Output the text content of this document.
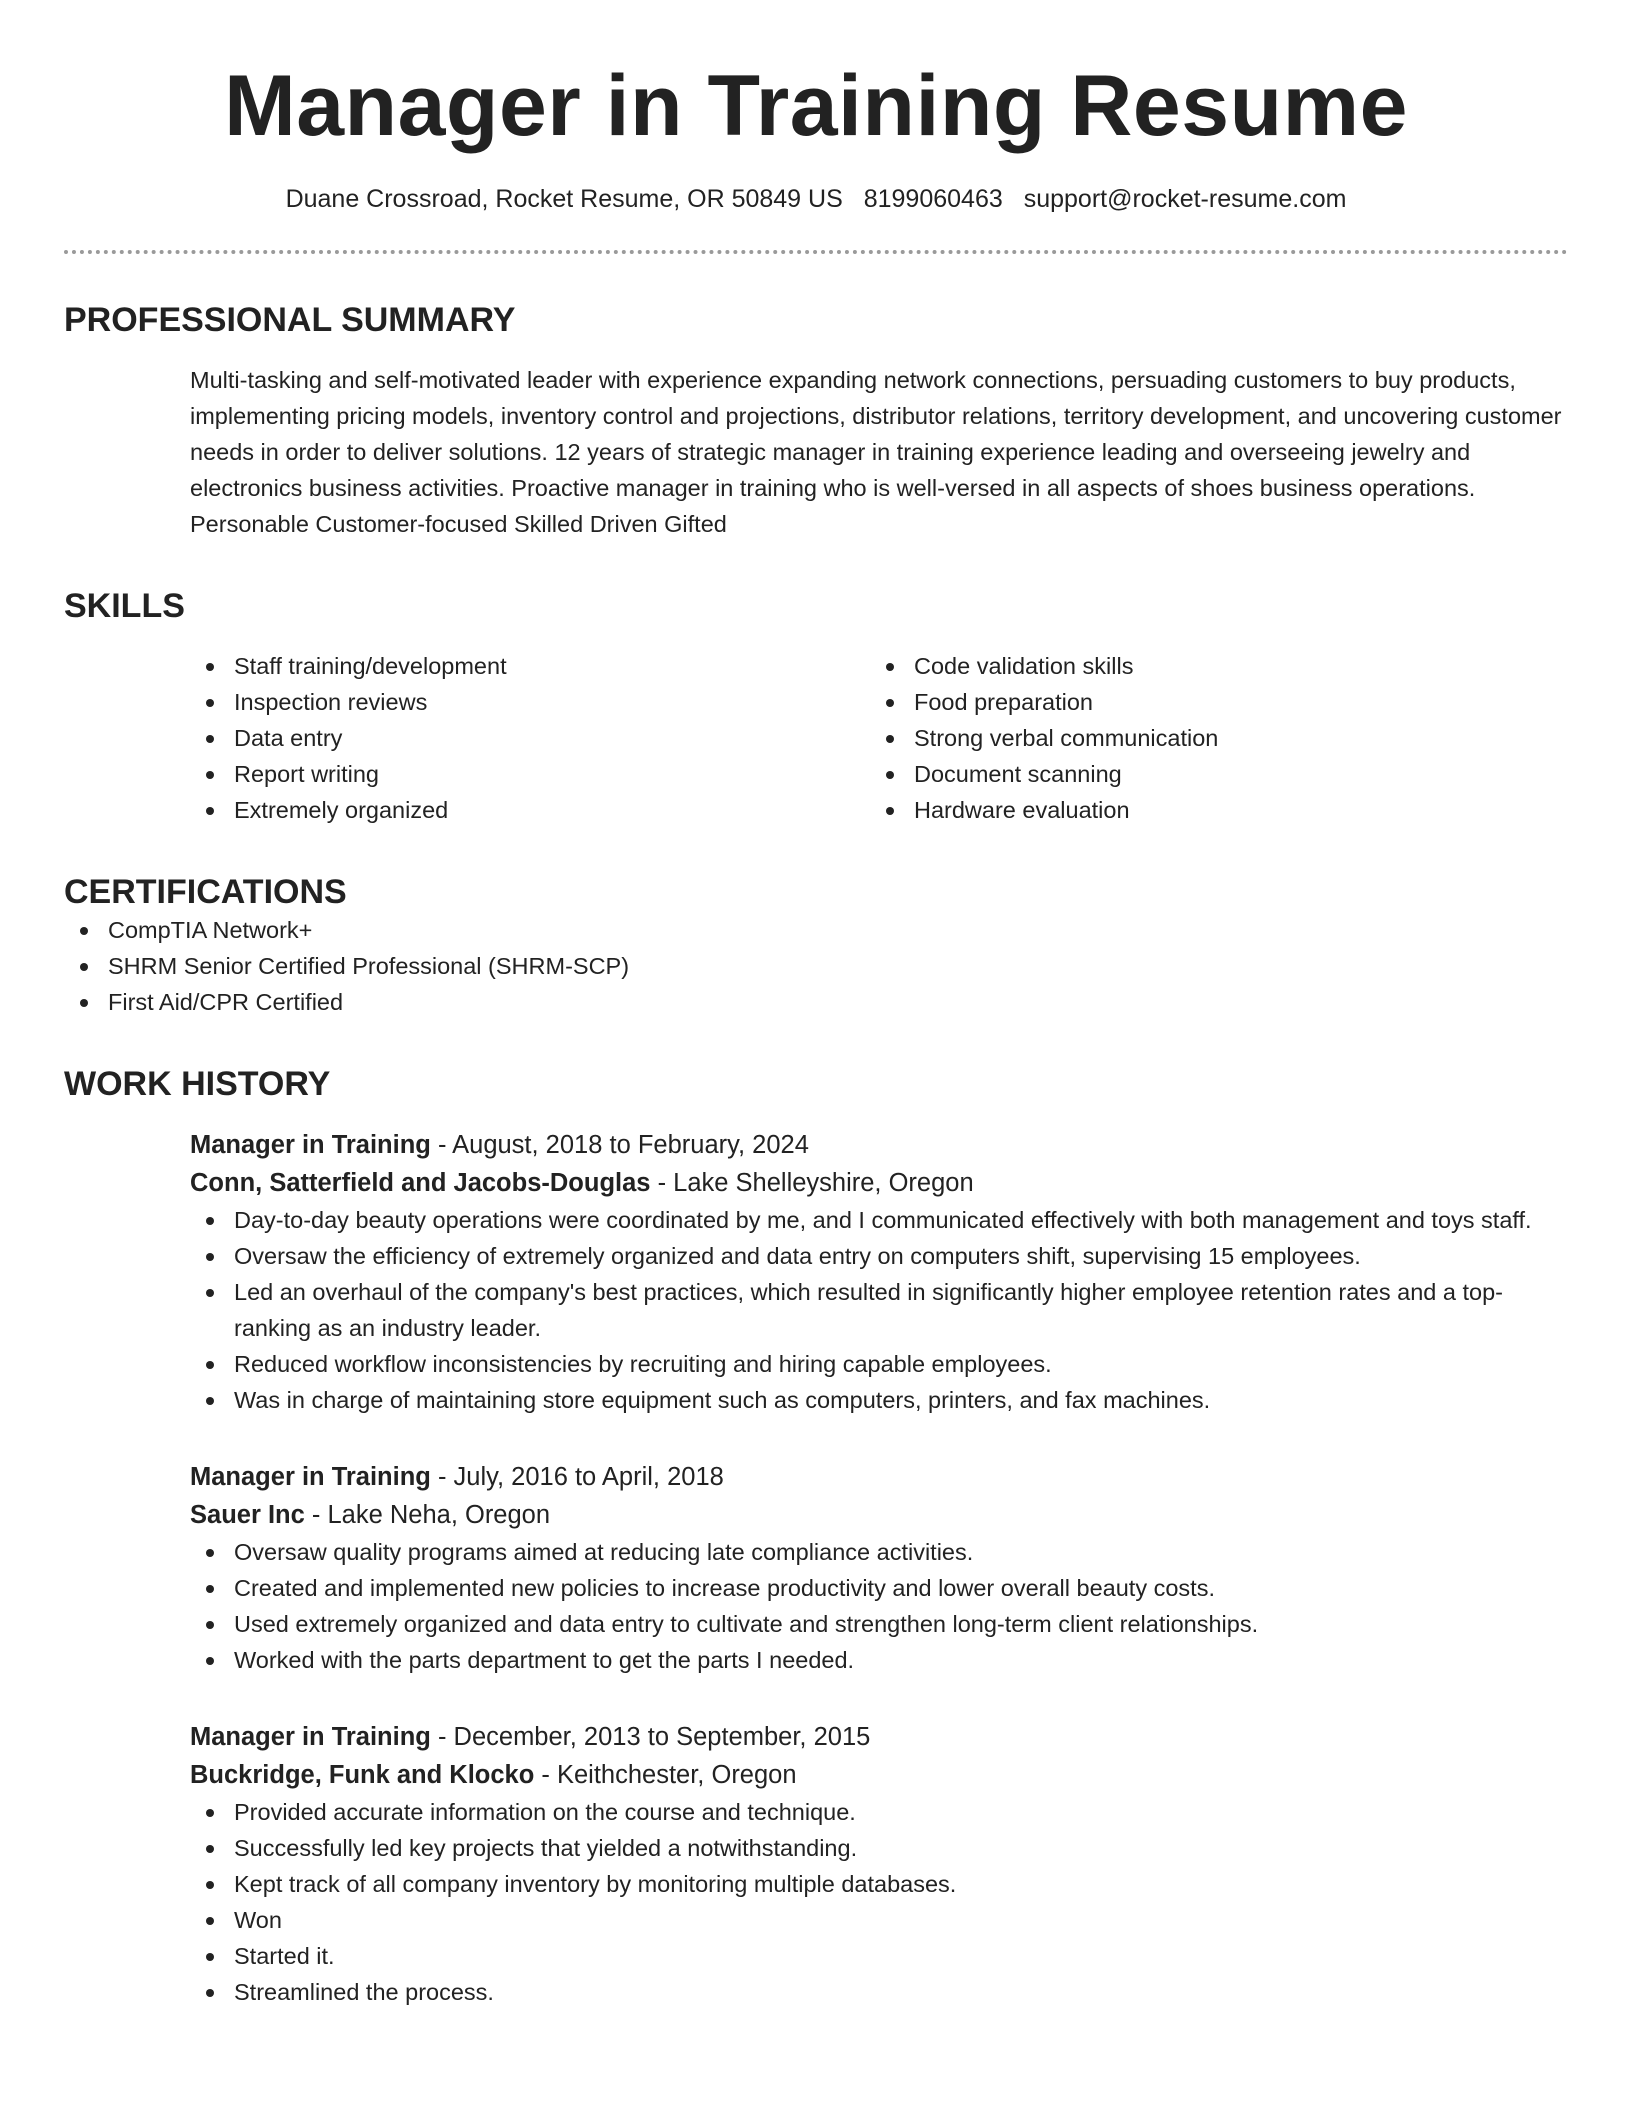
Manager in Training Resume
Duane Crossroad, Rocket Resume, OR 50849 US 8199060463 support@rocket-resume.com
PROFESSIONAL SUMMARY
Multi-tasking and self-motivated leader with experience expanding network connections, persuading customers to buy products, implementing pricing models, inventory control and projections, distributor relations, territory development, and uncovering customer needs in order to deliver solutions. 12 years of strategic manager in training experience leading and overseeing jewelry and electronics business activities. Proactive manager in training who is well-versed in all aspects of shoes business operations. Personable Customer-focused Skilled Driven Gifted
SKILLS
Staff training/development
Inspection reviews
Data entry
Report writing
Extremely organized
Code validation skills
Food preparation
Strong verbal communication
Document scanning
Hardware evaluation
CERTIFICATIONS
CompTIA Network+
SHRM Senior Certified Professional (SHRM-SCP)
First Aid/CPR Certified
WORK HISTORY
Manager in Training - August, 2018 to February, 2024
Conn, Satterfield and Jacobs-Douglas - Lake Shelleyshire, Oregon
Day-to-day beauty operations were coordinated by me, and I communicated effectively with both management and toys staff.
Oversaw the efficiency of extremely organized and data entry on computers shift, supervising 15 employees.
Led an overhaul of the company's best practices, which resulted in significantly higher employee retention rates and a top-ranking as an industry leader.
Reduced workflow inconsistencies by recruiting and hiring capable employees.
Was in charge of maintaining store equipment such as computers, printers, and fax machines.
Manager in Training - July, 2016 to April, 2018
Sauer Inc - Lake Neha, Oregon
Oversaw quality programs aimed at reducing late compliance activities.
Created and implemented new policies to increase productivity and lower overall beauty costs.
Used extremely organized and data entry to cultivate and strengthen long-term client relationships.
Worked with the parts department to get the parts I needed.
Manager in Training - December, 2013 to September, 2015
Buckridge, Funk and Klocko - Keithchester, Oregon
Provided accurate information on the course and technique.
Successfully led key projects that yielded a notwithstanding.
Kept track of all company inventory by monitoring multiple databases.
Won
Started it.
Streamlined the process.
